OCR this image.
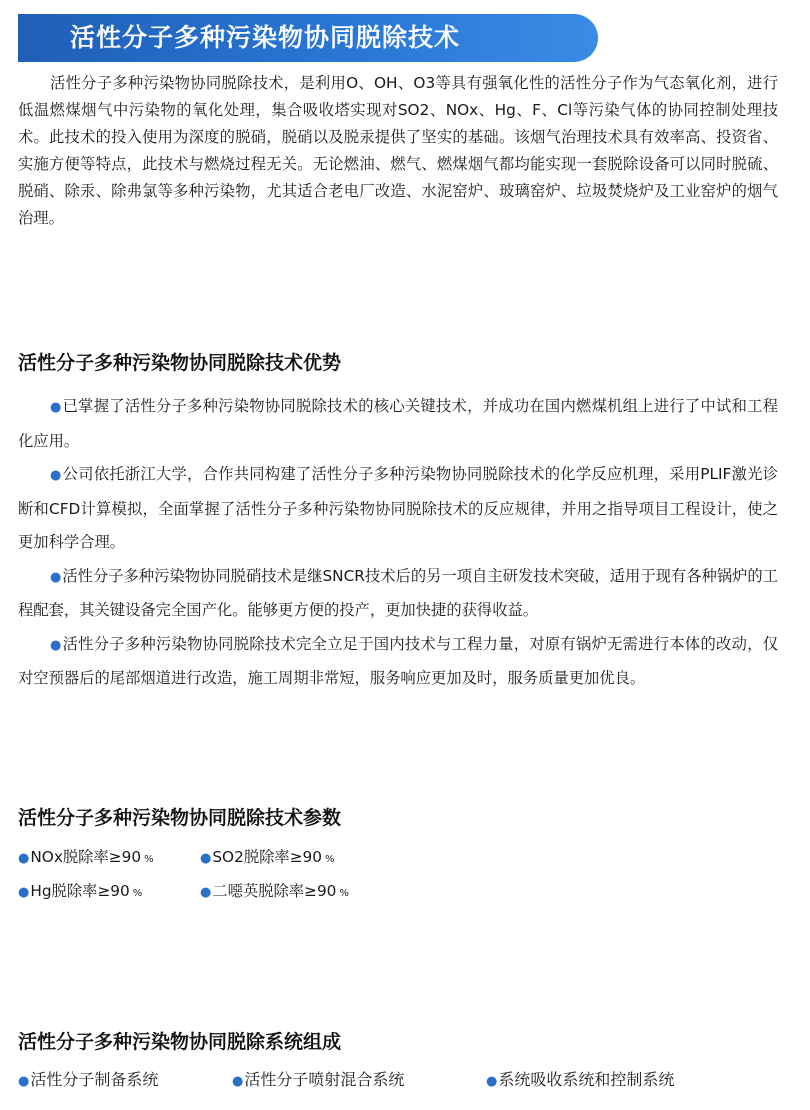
活性分子多种污染物协同脱除技术

活性分子多种污染物协同脱除技术，是利用O、OH、O3等具有强氧化性的活性分子作为气态氧化剂，进行低温燃煤烟气中污染物的氧化处理，集合吸收塔实现对SO2、NOx、Hg、F、Cl等污染气体的协同控制处理技术。此技术的投入使用为深度的脱硝，脱硝以及脱汞提供了坚实的基础。该烟气治理技术具有效率高、投资省、实施方便等特点，此技术与燃烧过程无关。无论燃油、燃气、燃煤烟气都均能实现一套脱除设备可以同时脱硫、脱硝、除汞、除弗氯等多种污染物，尤其适合老电厂改造、水泥窑炉、玻璃窑炉、垃圾焚烧炉及工业窑炉的烟气治理。

活性分子多种污染物协同脱除技术优势

●已掌握了活性分子多种污染物协同脱除技术的核心关键技术，并成功在国内燃煤机组上进行了中试和工程化应用。

●公司依托浙江大学，合作共同构建了活性分子多种污染物协同脱除技术的化学反应机理，采用PLIF激光诊断和CFD计算模拟，全面掌握了活性分子多种污染物协同脱除技术的反应规律，并用之指导项目工程设计，使之更加科学合理。

●活性分子多种污染物协同脱硝技术是继SNCR技术后的另一项自主研发技术突破，适用于现有各种锅炉的工程配套，其关键设备完全国产化。能够更方便的投产，更加快捷的获得收益。

●活性分子多种污染物协同脱除技术完全立足于国内技术与工程力量，对原有锅炉无需进行本体的改动，仅对空预器后的尾部烟道进行改造，施工周期非常短，服务响应更加及时，服务质量更加优良。

活性分子多种污染物协同脱除技术参数
●NOx脱除率≥90 %	●SO2脱除率≥90 %
●Hg脱除率≥90 %	●二噁英脱除率≥90 %
活性分子多种污染物协同脱除系统组成
●活性分子制备系统	●活性分子喷射混合系统	●系统吸收系统和控制系统
